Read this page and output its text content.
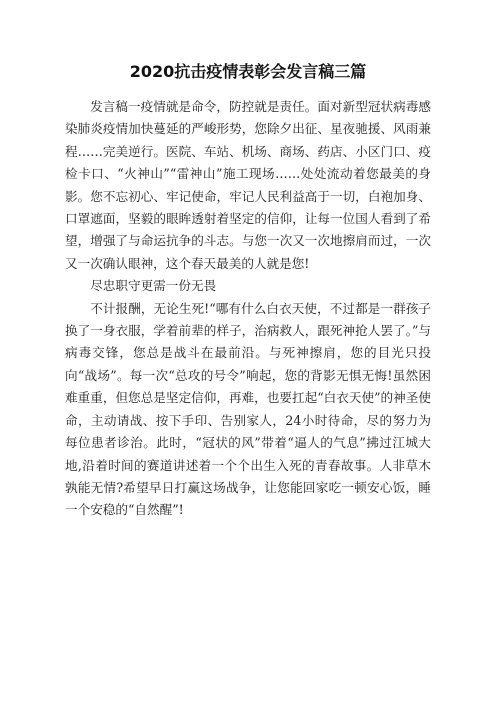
2020抗击疫情表彰会发言稿三篇

发言稿一疫情就是命令，防控就是责任。面对新型冠状病毒感染肺炎疫情加快蔓延的严峻形势，您除夕出征、星夜驰援、风雨兼程……完美逆行。医院、车站、机场、商场、药店、小区门口、疫检卡口、“火神山”“雷神山”施工现场……处处流动着您最美的身影。您不忘初心、牢记使命，牢记人民利益高于一切，白袍加身、口罩遮面，坚毅的眼眸透射着坚定的信仰，让每一位国人看到了希望，增强了与命运抗争的斗志。与您一次又一次地擦肩而过，一次又一次确认眼神，这个春天最美的人就是您!

尽忠职守更需一份无畏

不计报酬，无论生死!“哪有什么白衣天使，不过都是一群孩子换了一身衣服，学着前辈的样子，治病救人，跟死神抢人罢了。”与病毒交锋，您总是战斗在最前沿。与死神擦肩，您的目光只投向“战场”。每一次“总攻的号令”响起，您的背影无惧无悔!虽然困难重重，但您总是坚定信仰，再难，也要扛起“白衣天使”的神圣使命，主动请战、按下手印、告别家人，24小时待命，尽的努力为每位患者诊治。此时，“冠状的风”带着“逼人的气息”拂过江城大地,沿着时间的赛道讲述着一个个出生入死的青春故事。人非草木孰能无情?希望早日打赢这场战争，让您能回家吃一顿安心饭，睡一个安稳的“自然醒”!
